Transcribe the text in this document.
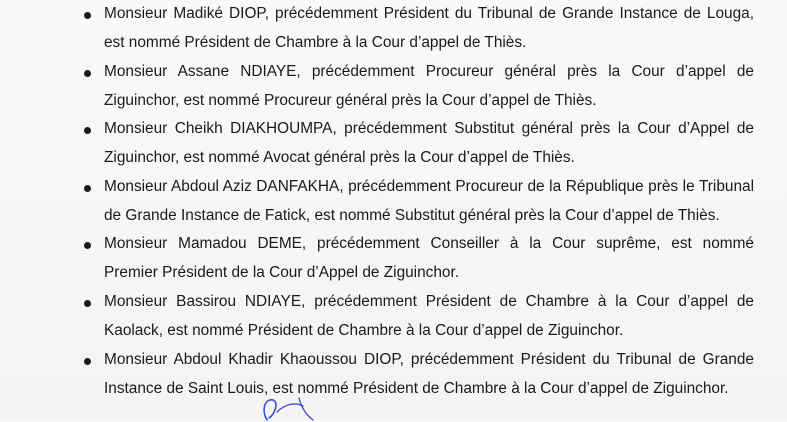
Monsieur Madiké DIOP, précédemment Président du Tribunal de Grande Instance de Louga,
est nommé Président de Chambre à la Cour d’appel de Thiès.
Monsieur Assane NDIAYE, précédemment Procureur général près la Cour d’appel de
Ziguinchor, est nommé Procureur général près la Cour d’appel de Thiès.
Monsieur Cheikh DIAKHOUMPA, précédemment Substitut général près la Cour d’Appel de
Ziguinchor, est nommé Avocat général près la Cour d’appel de Thiès.
Monsieur Abdoul Aziz DANFAKHA, précédemment Procureur de la République près le Tribunal
de Grande Instance de Fatick, est nommé Substitut général près la Cour d’appel de Thiès.
Monsieur Mamadou DEME, précédemment Conseiller à la Cour suprême, est nommé
Premier Président de la Cour d’Appel de Ziguinchor.
Monsieur Bassirou NDIAYE, précédemment Président de Chambre à la Cour d’appel de
Kaolack, est nommé Président de Chambre à la Cour d’appel de Ziguinchor.
Monsieur Abdoul Khadir Khaoussou DIOP, précédemment Président du Tribunal de Grande
Instance de Saint Louis, est nommé Président de Chambre à la Cour d’appel de Ziguinchor.
